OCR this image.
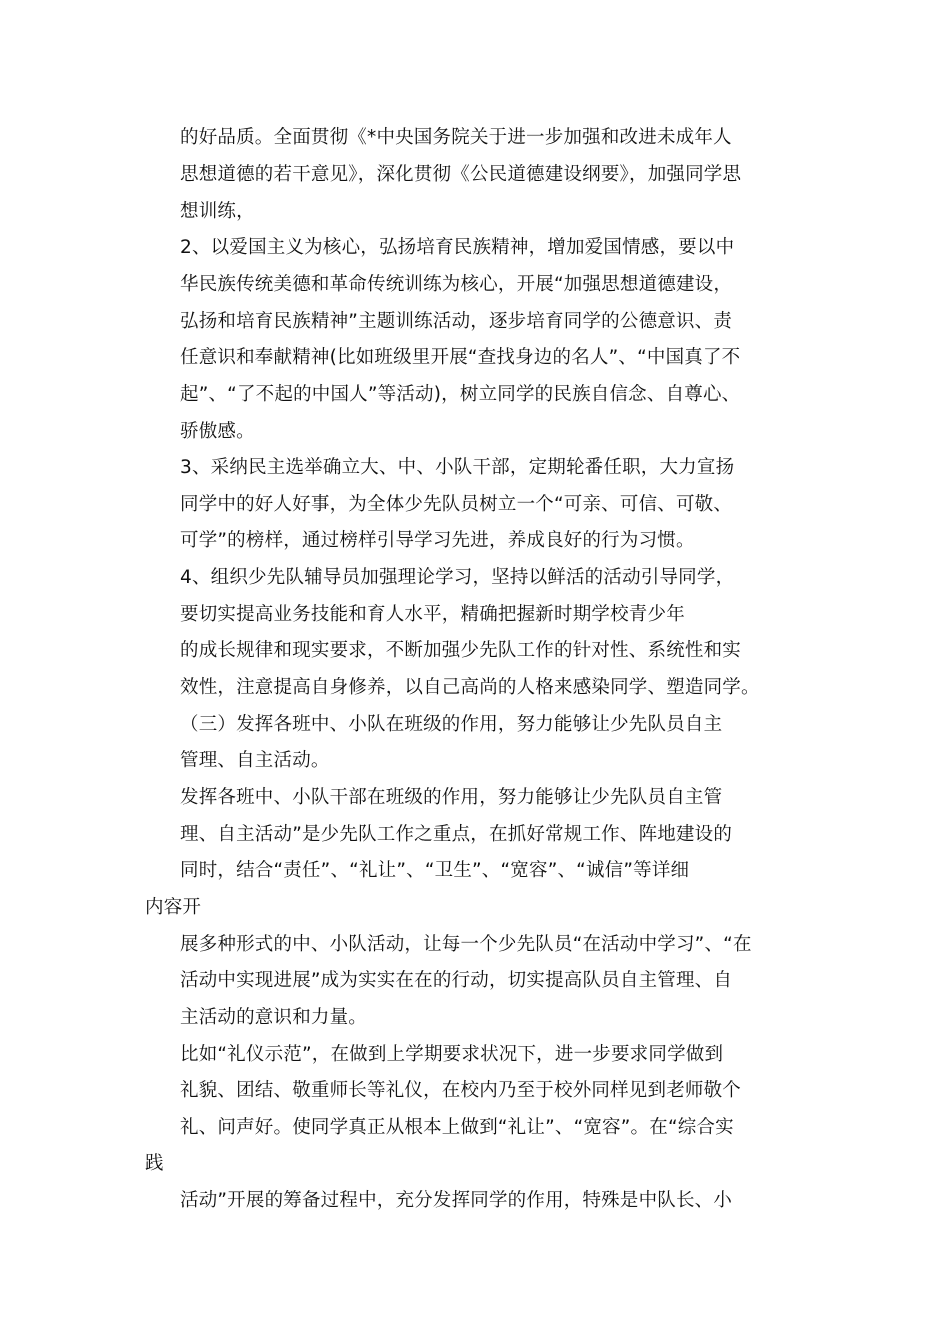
的好品质。全面贯彻《*中央国务院关于进一步加强和改进未成年人
思想道德的若干意见》，深化贯彻《公民道德建设纲要》，加强同学思
想训练，
2、以爱国主义为核心，弘扬培育民族精神，增加爱国情感，要以中
华民族传统美德和革命传统训练为核心，开展“加强思想道德建设，
弘扬和培育民族精神”主题训练活动，逐步培育同学的公德意识、责
任意识和奉献精神(比如班级里开展“查找身边的名人”、“中国真了不
起”、“了不起的中国人”等活动)，树立同学的民族自信念、自尊心、
骄傲感。
3、采纳民主选举确立大、中、小队干部，定期轮番任职，大力宣扬
同学中的好人好事，为全体少先队员树立一个“可亲、可信、可敬、
可学”的榜样，通过榜样引导学习先进，养成良好的行为习惯。
4、组织少先队辅导员加强理论学习，坚持以鲜活的活动引导同学，
要切实提高业务技能和育人水平，精确把握新时期学校青少年
的成长规律和现实要求，不断加强少先队工作的针对性、系统性和实
效性，注意提高自身修养，以自己高尚的人格来感染同学、塑造同学。
（三）发挥各班中、小队在班级的作用，努力能够让少先队员自主
管理、自主活动。
发挥各班中、小队干部在班级的作用，努力能够让少先队员自主管
理、自主活动”是少先队工作之重点，在抓好常规工作、阵地建设的
同时，结合“责任”、“礼让”、“卫生”、“宽容”、“诚信”等详细
内容开
展多种形式的中、小队活动，让每一个少先队员“在活动中学习”、“在
活动中实现进展”成为实实在在的行动，切实提高队员自主管理、自
主活动的意识和力量。
比如“礼仪示范”，在做到上学期要求状况下，进一步要求同学做到
礼貌、团结、敬重师长等礼仪，在校内乃至于校外同样见到老师敬个
礼、问声好。使同学真正从根本上做到“礼让”、“宽容”。在“综合实
践
活动”开展的筹备过程中，充分发挥同学的作用，特殊是中队长、小
